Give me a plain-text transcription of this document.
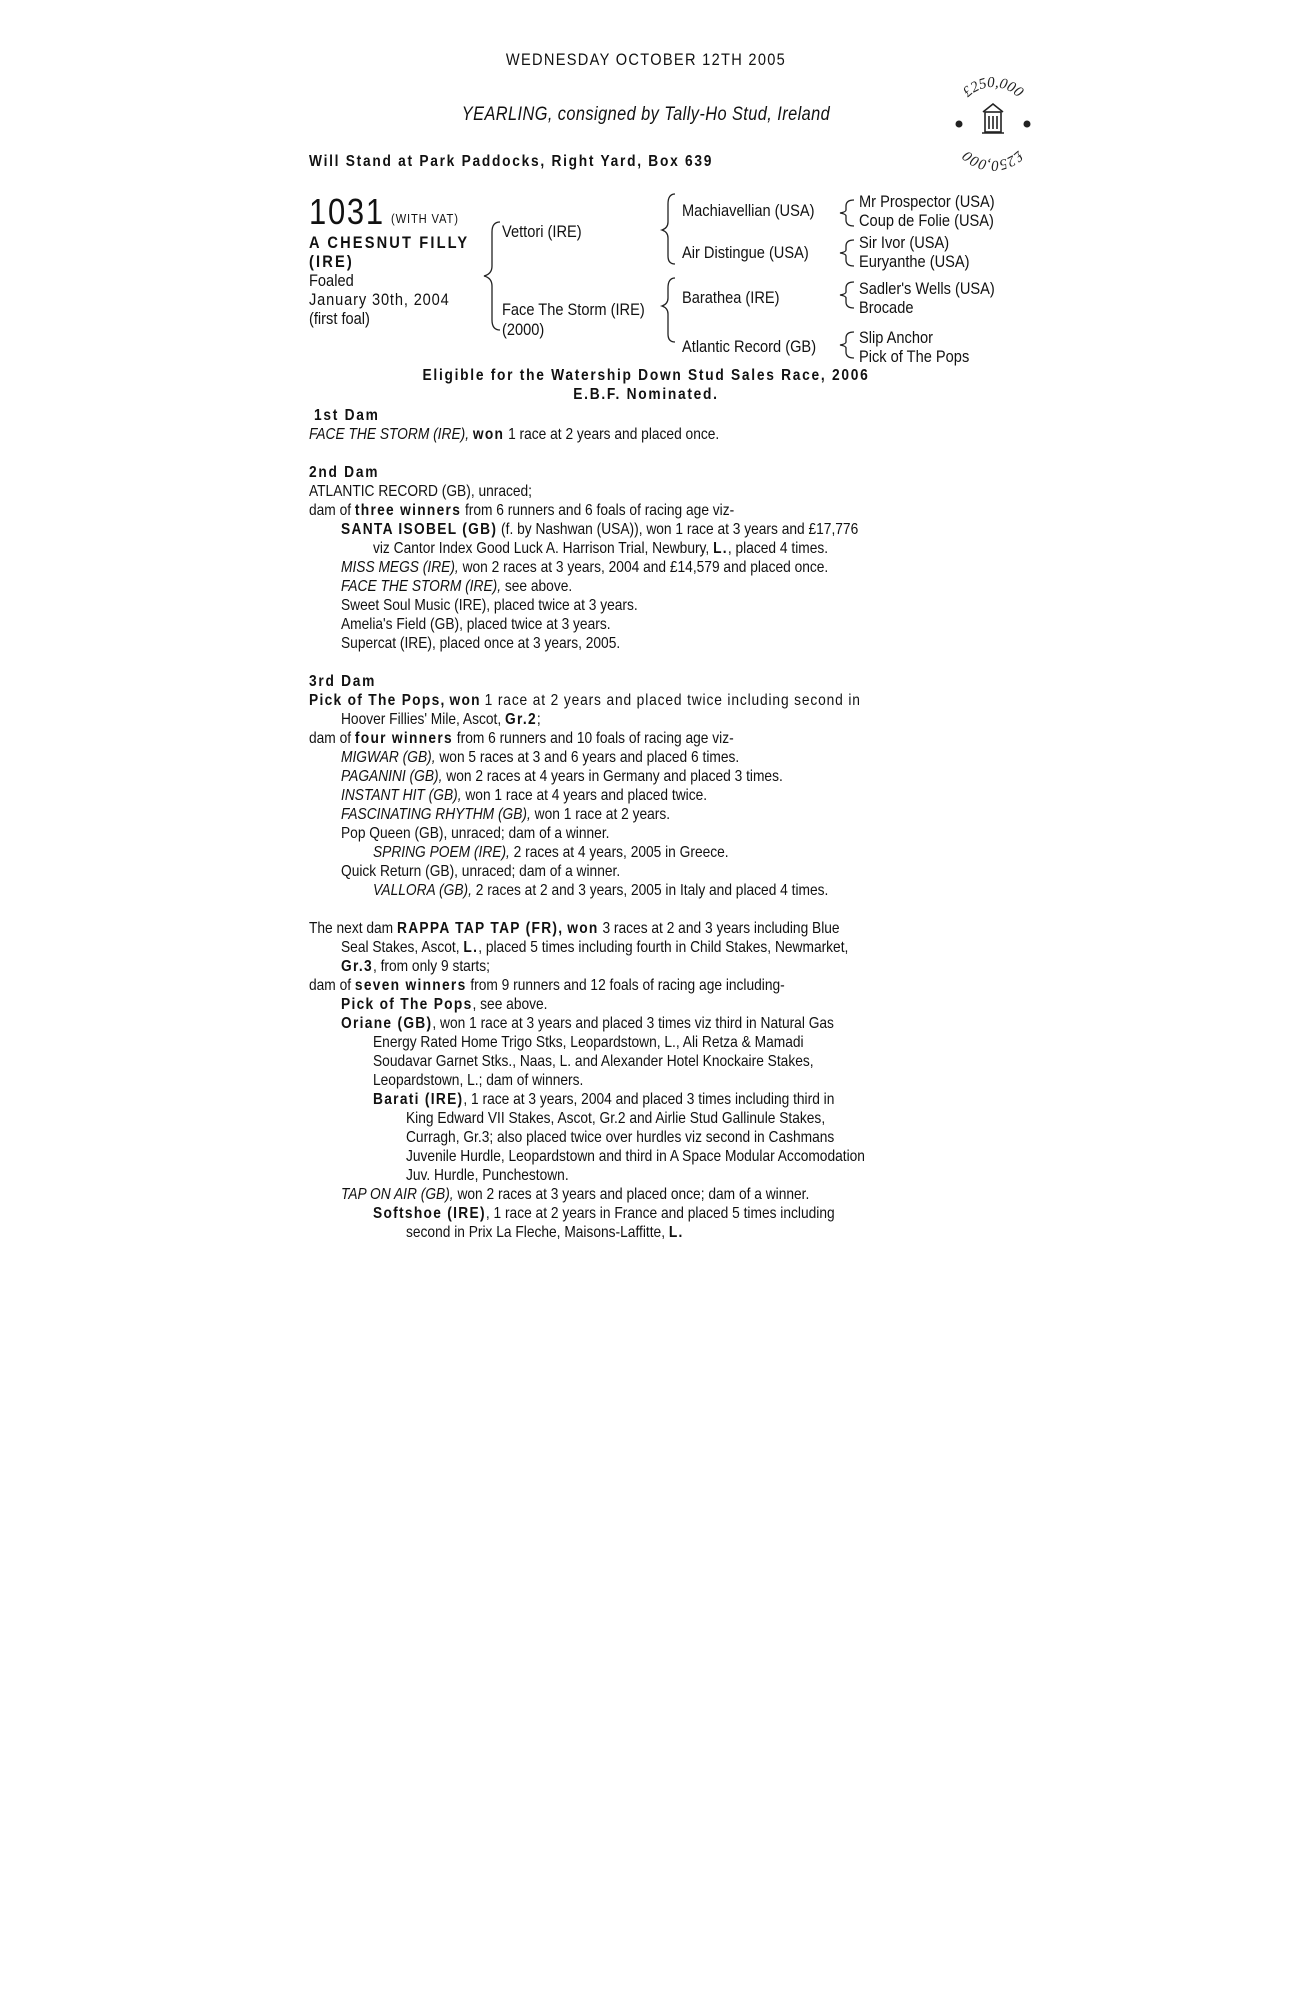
WEDNESDAY OCTOBER 12TH 2005
YEARLING, consigned by Tally-Ho Stud, Ireland
Will Stand at Park Paddocks, Right Yard, Box 639
£250,000
£250,000
1031 (WITH VAT)
A CHESNUT FILLY
(IRE)
Foaled
January 30th, 2004
(first foal)
Vettori (IRE)
Face The Storm (IRE)
(2000)
Machiavellian (USA)
Air Distingue (USA)
Barathea (IRE)
Atlantic Record (GB)
Mr Prospector (USA)
Coup de Folie (USA)
Sir Ivor (USA)
Euryanthe (USA)
Sadler's Wells (USA)
Brocade
Slip Anchor
Pick of The Pops
Eligible for the Watership Down Stud Sales Race, 2006
E.B.F. Nominated.
1st Dam
FACE THE STORM (IRE), won 1 race at 2 years and placed once.
2nd Dam
ATLANTIC RECORD (GB), unraced;
dam of three winners from 6 runners and 6 foals of racing age viz-
SANTA ISOBEL (GB) (f. by Nashwan (USA)), won 1 race at 3 years and £17,776
viz Cantor Index Good Luck A. Harrison Trial, Newbury, L., placed 4 times.
MISS MEGS (IRE), won 2 races at 3 years, 2004 and £14,579 and placed once.
FACE THE STORM (IRE), see above.
Sweet Soul Music (IRE), placed twice at 3 years.
Amelia's Field (GB), placed twice at 3 years.
Supercat (IRE), placed once at 3 years, 2005.
3rd Dam
Pick of The Pops, won 1 race at 2 years and placed twice including second in
Hoover Fillies' Mile, Ascot, Gr.2;
dam of four winners from 6 runners and 10 foals of racing age viz-
MIGWAR (GB), won 5 races at 3 and 6 years and placed 6 times.
PAGANINI (GB), won 2 races at 4 years in Germany and placed 3 times.
INSTANT HIT (GB), won 1 race at 4 years and placed twice.
FASCINATING RHYTHM (GB), won 1 race at 2 years.
Pop Queen (GB), unraced; dam of a winner.
SPRING POEM (IRE), 2 races at 4 years, 2005 in Greece.
Quick Return (GB), unraced; dam of a winner.
VALLORA (GB), 2 races at 2 and 3 years, 2005 in Italy and placed 4 times.
The next dam RAPPA TAP TAP (FR), won 3 races at 2 and 3 years including Blue
Seal Stakes, Ascot, L., placed 5 times including fourth in Child Stakes, Newmarket,
Gr.3, from only 9 starts;
dam of seven winners from 9 runners and 12 foals of racing age including-
Pick of The Pops, see above.
Oriane (GB), won 1 race at 3 years and placed 3 times viz third in Natural Gas
Energy Rated Home Trigo Stks, Leopardstown, L., Ali Retza & Mamadi
Soudavar Garnet Stks., Naas, L. and Alexander Hotel Knockaire Stakes,
Leopardstown, L.; dam of winners.
Barati (IRE), 1 race at 3 years, 2004 and placed 3 times including third in
King Edward VII Stakes, Ascot, Gr.2 and Airlie Stud Gallinule Stakes,
Curragh, Gr.3; also placed twice over hurdles viz second in Cashmans
Juvenile Hurdle, Leopardstown and third in A Space Modular Accomodation
Juv. Hurdle, Punchestown.
TAP ON AIR (GB), won 2 races at 3 years and placed once; dam of a winner.
Softshoe (IRE), 1 race at 2 years in France and placed 5 times including
second in Prix La Fleche, Maisons-Laffitte, L.
